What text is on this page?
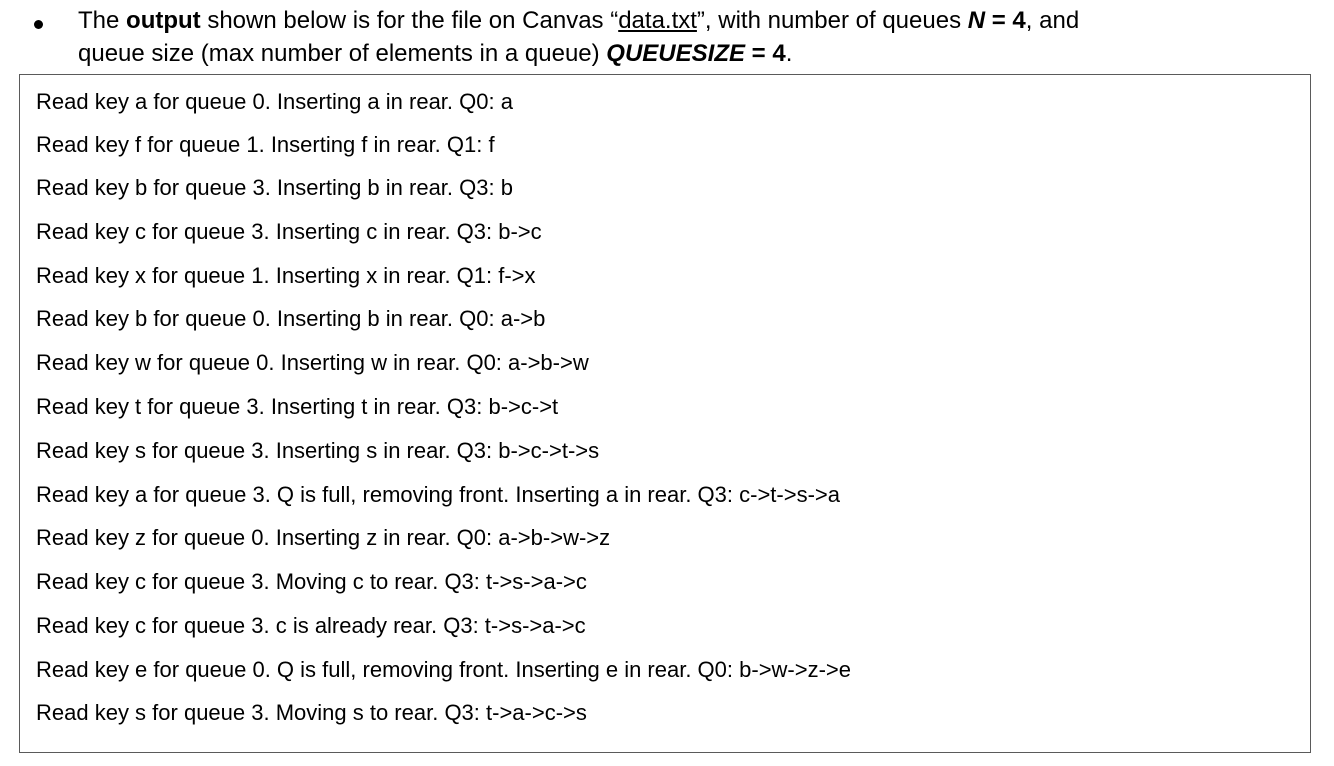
The output shown below is for the file on Canvas “data.txt”, with number of queues N = 4, and
queue size (max number of elements in a queue) QUEUESIZE = 4.
Read key a for queue 0. Inserting a in rear. Q0: a
Read key f for queue 1. Inserting f in rear. Q1: f
Read key b for queue 3. Inserting b in rear. Q3: b
Read key c for queue 3. Inserting c in rear. Q3: b->c
Read key x for queue 1. Inserting x in rear. Q1: f->x
Read key b for queue 0. Inserting b in rear. Q0: a->b
Read key w for queue 0. Inserting w in rear. Q0: a->b->w
Read key t for queue 3. Inserting t in rear. Q3: b->c->t
Read key s for queue 3. Inserting s in rear. Q3: b->c->t->s
Read key a for queue 3. Q is full, removing front. Inserting a in rear. Q3: c->t->s->a
Read key z for queue 0. Inserting z in rear. Q0: a->b->w->z
Read key c for queue 3. Moving c to rear. Q3: t->s->a->c
Read key c for queue 3. c is already rear. Q3: t->s->a->c
Read key e for queue 0. Q is full, removing front. Inserting e in rear. Q0: b->w->z->e
Read key s for queue 3. Moving s to rear. Q3: t->a->c->s
